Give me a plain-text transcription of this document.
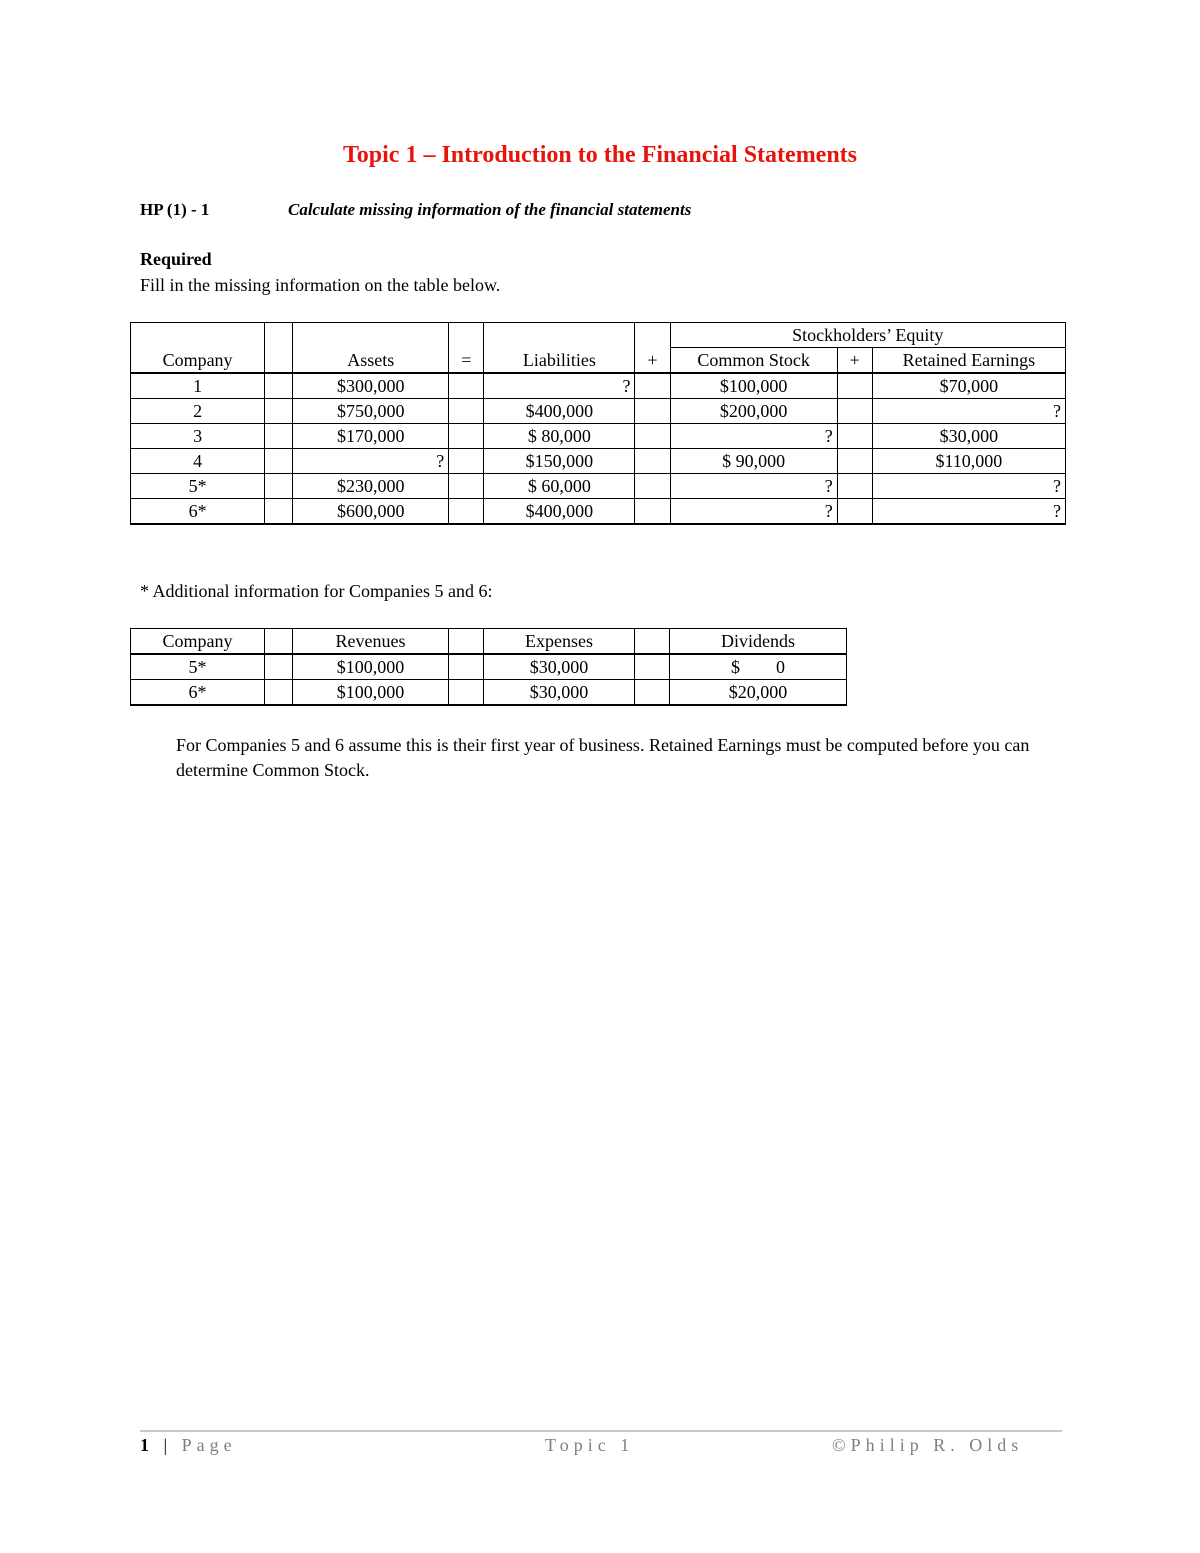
Topic 1 – Introduction to the Financial Statements
HP (1) - 1	Calculate missing information of the financial statements
Required
Fill in the missing information on the table below.
						Stockholders’ Equity		
Company		Assets	=	Liabilities	+	Common Stock	+	Retained Earnings
1		$300,000		?		$100,000		$70,000
2		$750,000		$400,000		$200,000		?
3		$170,000		$ 80,000		?		$30,000
4		?		$150,000		$ 90,000		$110,000
5*		$230,000		$ 60,000		?		?
6*		$600,000		$400,000		?		?
* Additional information for Companies 5 and 6:
Company		Revenues		Expenses		Dividends
5*		$100,000		$30,000		$        0
6*		$100,000		$30,000		$20,000
For Companies 5 and 6 assume this is their first year of business. Retained Earnings must be computed before you can determine Common Stock.
1 | Page	Topic 1	©Philip R. Olds
